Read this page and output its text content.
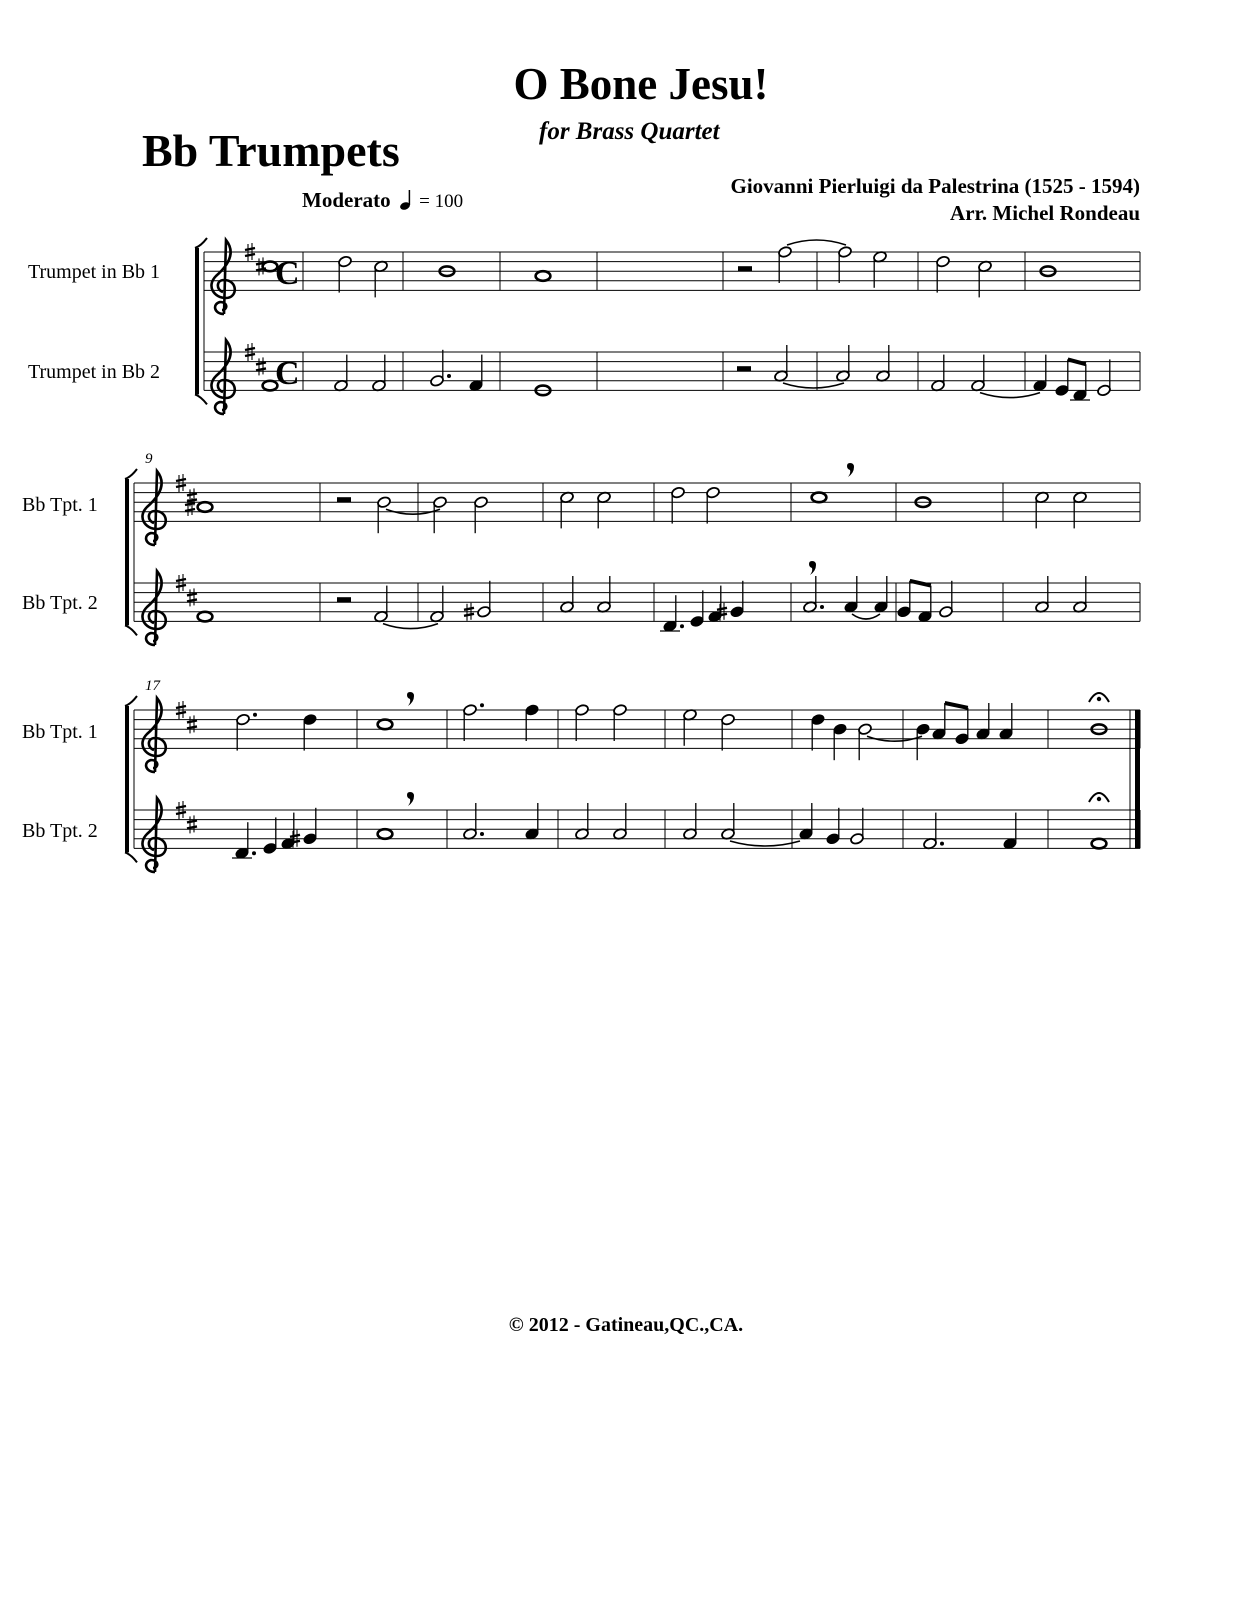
O Bone Jesu!
for Brass Quartet
Bb Trumpets
Giovanni Pierluigi da Palestrina (1525 - 1594)
Arr. Michel Rondeau
Moderato = 100
Trumpet in Bb 1
Trumpet in Bb 2
Bb Tpt. 1
Bb Tpt. 2
Bb Tpt. 1
Bb Tpt. 2
9
17
C
C
© 2012 - Gatineau,QC.,CA.
